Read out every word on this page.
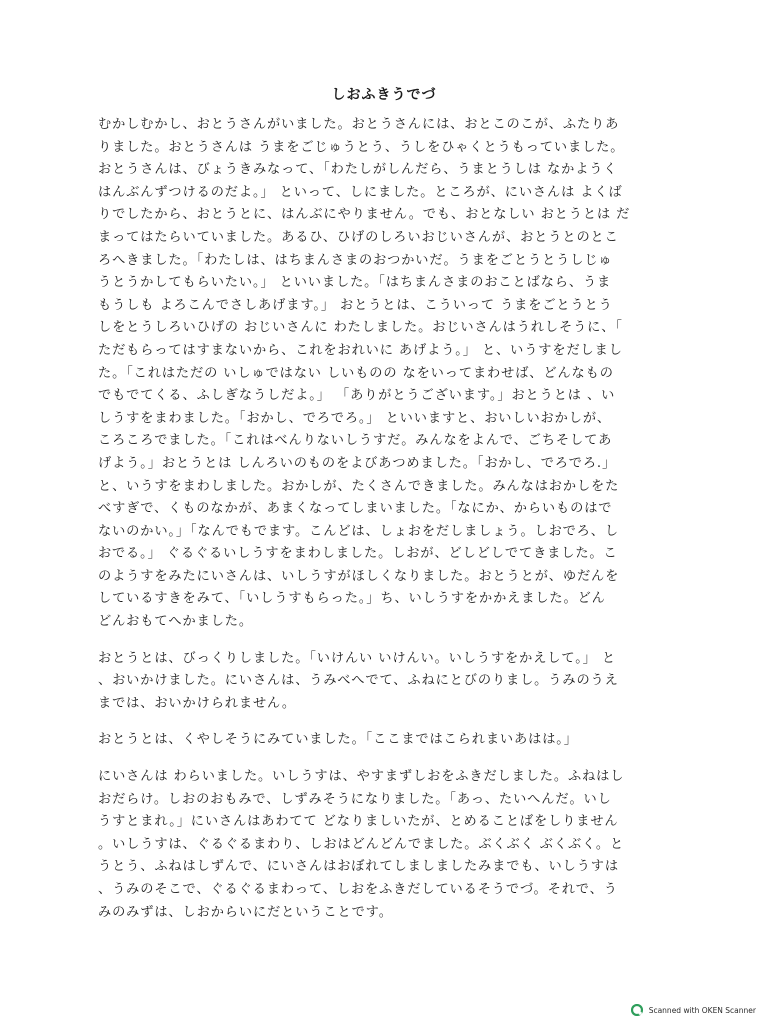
しおふきうでづ

むかしむかし、おとうさんがいました。おとうさんには、おとこのこが、ふたりあ
りました。おとうさんは うまをごじゅうとう、うしをひゃくとうもっていました。
おとうさんは、びょうきみなって、「わたしがしんだら、うまとうしは なかようく
はんぶんずつけるのだよ。」 といって、しにました。ところが、にいさんは よくば
りでしたから、おとうとに、はんぶにやりません。でも、おとなしい おとうとは だ
まってはたらいていました。あるひ、ひげのしろいおじいさんが、おとうとのとこ
ろへきました。「わたしは、はちまんさまのおつかいだ。うまをごとうとうしじゅ
うとうかしてもらいたい。」 といいました。「はちまんさまのおことばなら、うま
もうしも よろこんでさしあげます。」 おとうとは、こういって うまをごとうとう
しをとうしろいひげの おじいさんに わたしました。おじいさんはうれしそうに、「
ただもらってはすまないから、これをおれいに あげよう。」 と、いうすをだしまし
た。「これはただの いしゅではない しいものの なをいってまわせば、どんなもの
でもでてくる、ふしぎなうしだよ。」 「ありがとうございます。」おとうとは 、い
しうすをまわました。「おかし、でろでろ。」 といいますと、おいしいおかしが、
ころころでました。「これはべんりないしうすだ。みんなをよんで、ごちそしてあ
げよう。」おとうとは しんろいのものをよびあつめました。「おかし、でろでろ.」
と、いうすをまわしました。おかしが、たくさんできました。みんなはおかしをた
べすぎで、くものなかが、あまくなってしまいました。「なにか、からいものはで
ないのかい。」「なんでもでます。こんどは、しょおをだしましょう。しおでろ、し
おでる。」 ぐるぐるいしうすをまわしました。しおが、どしどしでてきました。こ
のようすをみたにいさんは、いしうすがほしくなりました。おとうとが、ゆだんを
しているすきをみて、「いしうすもらった。」ち、いしうすをかかえました。どん
どんおもてへかました。

おとうとは、びっくりしました。「いけんい いけんい。いしうすをかえして。」 と
、おいかけました。にいさんは、うみべへでて、ふねにとびのりまし。うみのうえ
までは、おいかけられません。

おとうとは、くやしそうにみていました。「ここまではこられまいあはは。」

にいさんは わらいました。いしうすは、やすまずしおをふきだしました。ふねはし
おだらけ。しおのおもみで、しずみそうになりました。「あっ、たいへんだ。いし
うすとまれ。」にいさんはあわてて どなりましいたが、とめることばをしりません
。いしうすは、ぐるぐるまわり、しおはどんどんでました。ぶくぶく ぶくぶく。と
うとう、ふねはしずんで、にいさんはおぼれてしましましたみまでも、いしうすは
、うみのそこで、ぐるぐるまわって、しおをふきだしているそうでづ。それで、う
みのみずは、しおからいにだということです。

Scanned with OKEN Scanner
